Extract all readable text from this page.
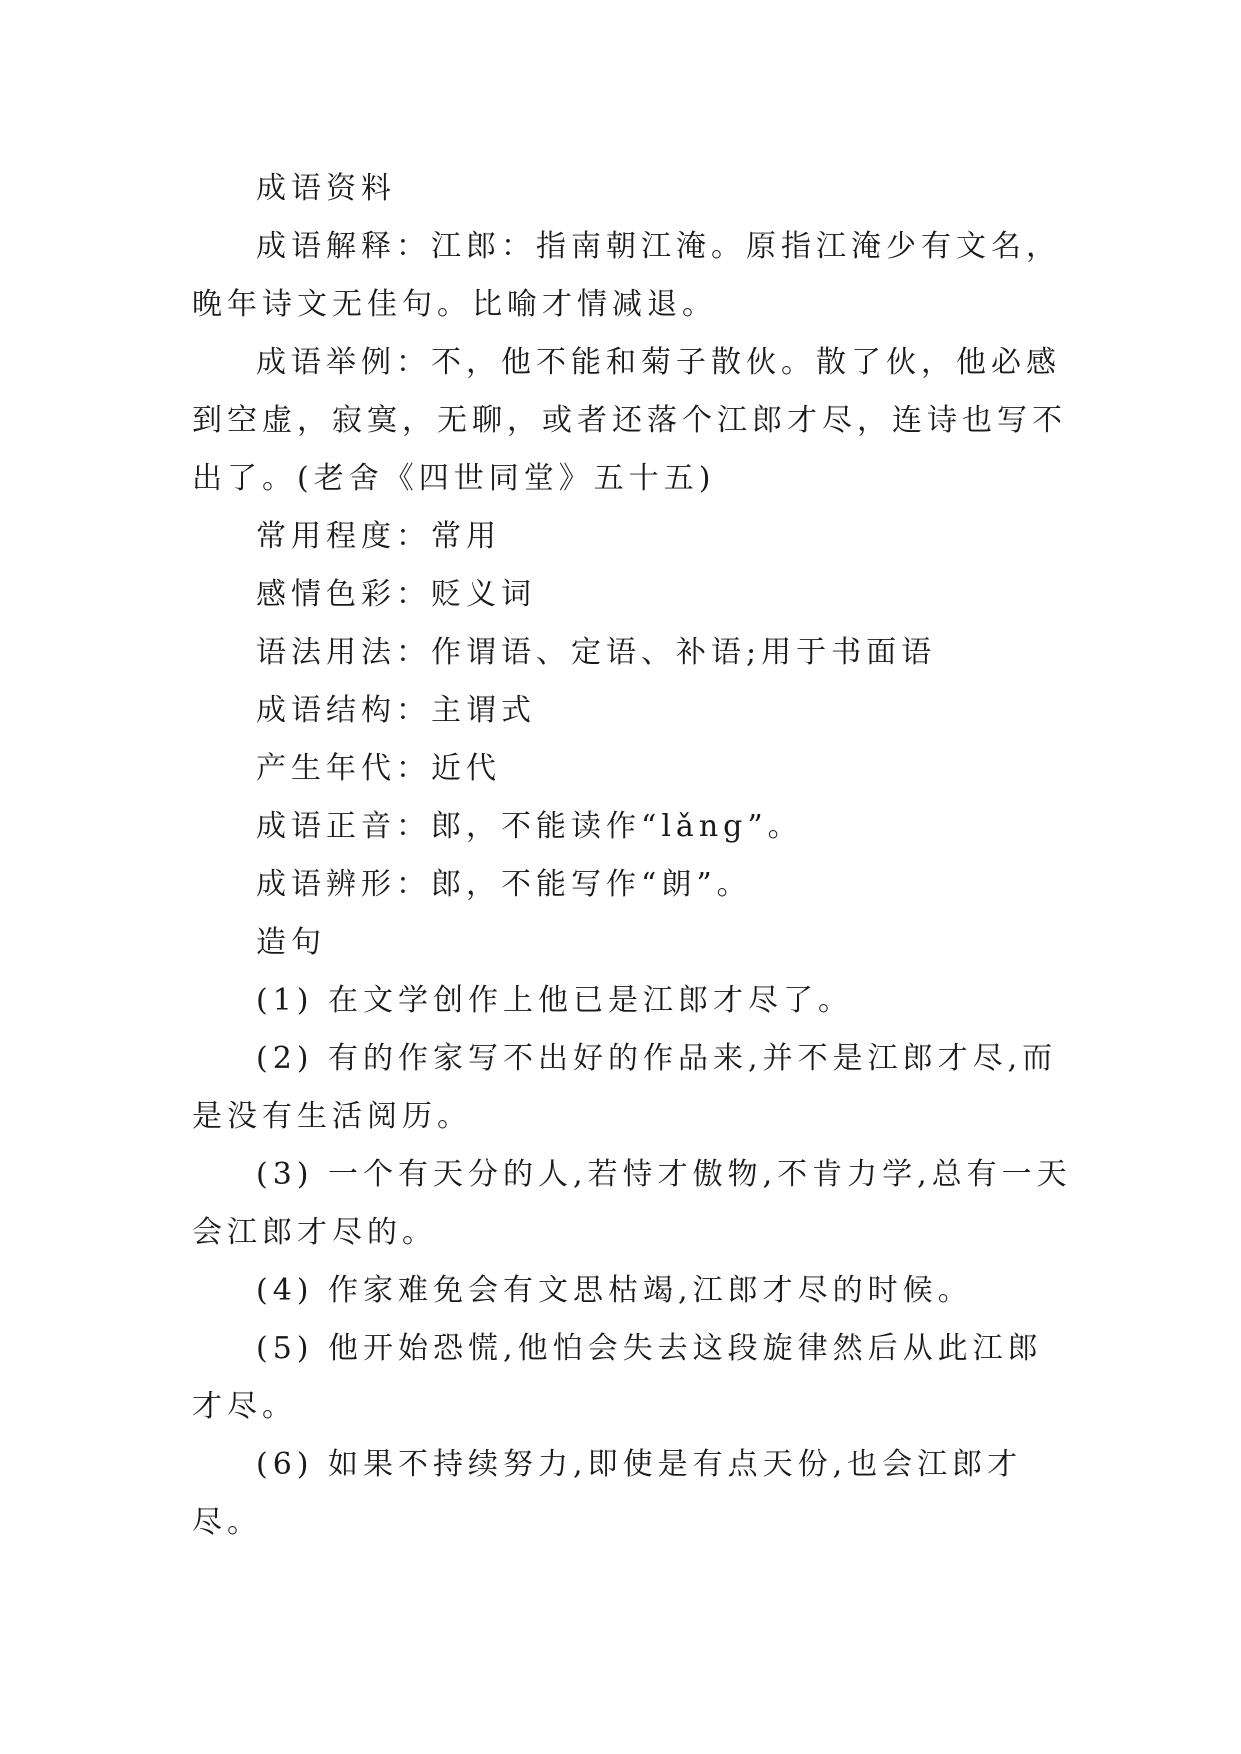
成语资料

成语解释：江郎：指南朝江淹。原指江淹少有文名，晚年诗文无佳句。比喻才情减退。

成语举例：不，他不能和菊子散伙。散了伙，他必感到空虚，寂寞，无聊，或者还落个江郎才尽，连诗也写不出了。(老舍《四世同堂》五十五)

常用程度：常用

感情色彩：贬义词

语法用法：作谓语、定语、补语;用于书面语

成语结构：主谓式

产生年代：近代

成语正音：郎，不能读作“lǎng”。

成语辨形：郎，不能写作“朗”。

造句

(1) 在文学创作上他已是江郎才尽了。

(2) 有的作家写不出好的作品来,并不是江郎才尽,而是没有生活阅历。

(3) 一个有天分的人,若恃才傲物,不肯力学,总有一天会江郎才尽的。

(4) 作家难免会有文思枯竭,江郎才尽的时候。

(5) 他开始恐慌,他怕会失去这段旋律然后从此江郎才尽。

(6) 如果不持续努力,即使是有点天份,也会江郎才尽。
